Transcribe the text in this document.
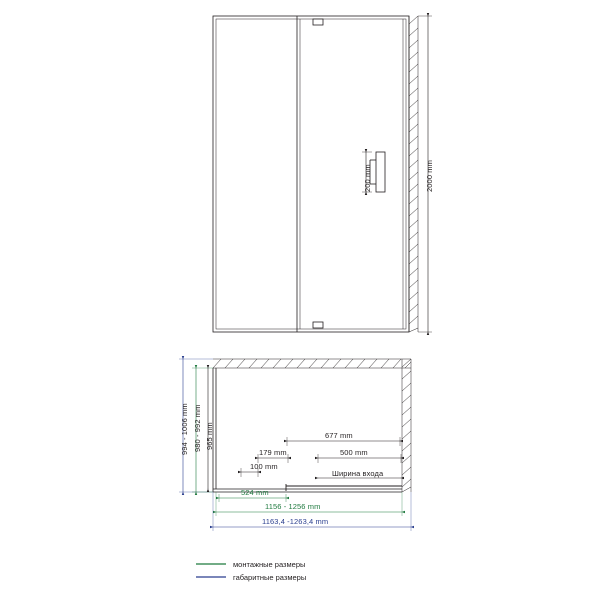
200 mm	2000 mm
994 - 1006 mm 980 - 992 mm 965 mm	677 mm
179 mm	500 mm
100 mm
Ширина входа
524 mm
1156 - 1256 mm
1163,4 -1263,4 mm
монтажные размеры
габаритные размеры
